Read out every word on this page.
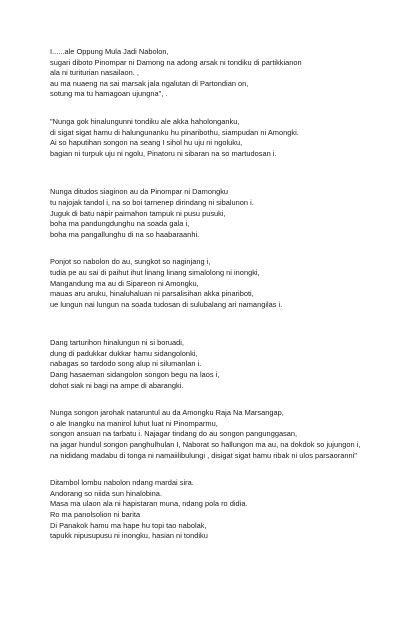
I......ale Oppung Mula Jadi Nabolon,
sugari diboto Pinompar ni Damong na adong arsak ni tondiku di partikkianon
ala ni turiturian nasailaon. ,
au ma nuaeng na sai marsak jala ngalutan di Partondian on,
sotung ma tu hamagoan ujungna", .
"Nunga gok hinalungunni tondiku ale akka haholonganku,
di sigat sigat hamu di halungunanku hu pinaribothu, siampudan ni Amongki.
Ai so haputihan songon na seang I sihol hu uju ni ngoluku,
bagian ni turpuk uju ni ngolu, Pinatoru ni sibaran na so martudosan i.
Nunga ditudos siaginon au da Pinompar ni Damongku
tu najojak tandol i, na so boi tarnenep dirindang ni sibalunon i.
Juguk di batu napir paimahon tampuk ni pusu pusuki,
boha ma pandungdunghu na soada gala i,
boha ma pangallunghu di na so haabaraanhi.
Ponjot so nabolon do au, sungkot so naginjang i,
tudia pe au sai di paihut ihut linang linang simalolong ni inongki,
Mangandung ma au di Sipareon ni Amongku,
mauas aru aruku, hinaluhaluan ni parsalisihan akka pinariboti,
ue lungun nai lungun na soada tudosan di sulubalang ari namangilas i.
Dang tarturihon hinalungun ni si boruadi,
dung di padukkar dukkar hamu sidangolonki,
nabagas so tardodo song alup ni silumanlan i.
Dang hasaeman sidangolon songon begu na laos i,
dohot siak ni bagi na ampe di abarangki.
Nunga songon jarohak nataruntul au da Amongku Raja Na Marsangap,
o ale Inangku na manirol luhut luat ni Pinomparmu,
songon ansuan na tarbatu i. Najagar tindang do au songon pangunggasan,
na jagar hundul songon panghulhulan I, Naborat so hallungon ma au, na dokdok so jujungon i,
na nididang madabu di tonga ni namaiilibulungi , disigat sigat hamu ribak ni ulos parsaoranni"
Ditambol lombu nabolon ndang mardai sira.
Andorang so niida sun hinalobina.
Masa ma ulaon ala ni hapistaran muna, ndang pola ro didia.
Ro ma panolsolion ni barita
Di Panakok hamu ma hape hu topi tao nabolak,
tapukk nipusupusu ni inongku, hasian ni tondiku
